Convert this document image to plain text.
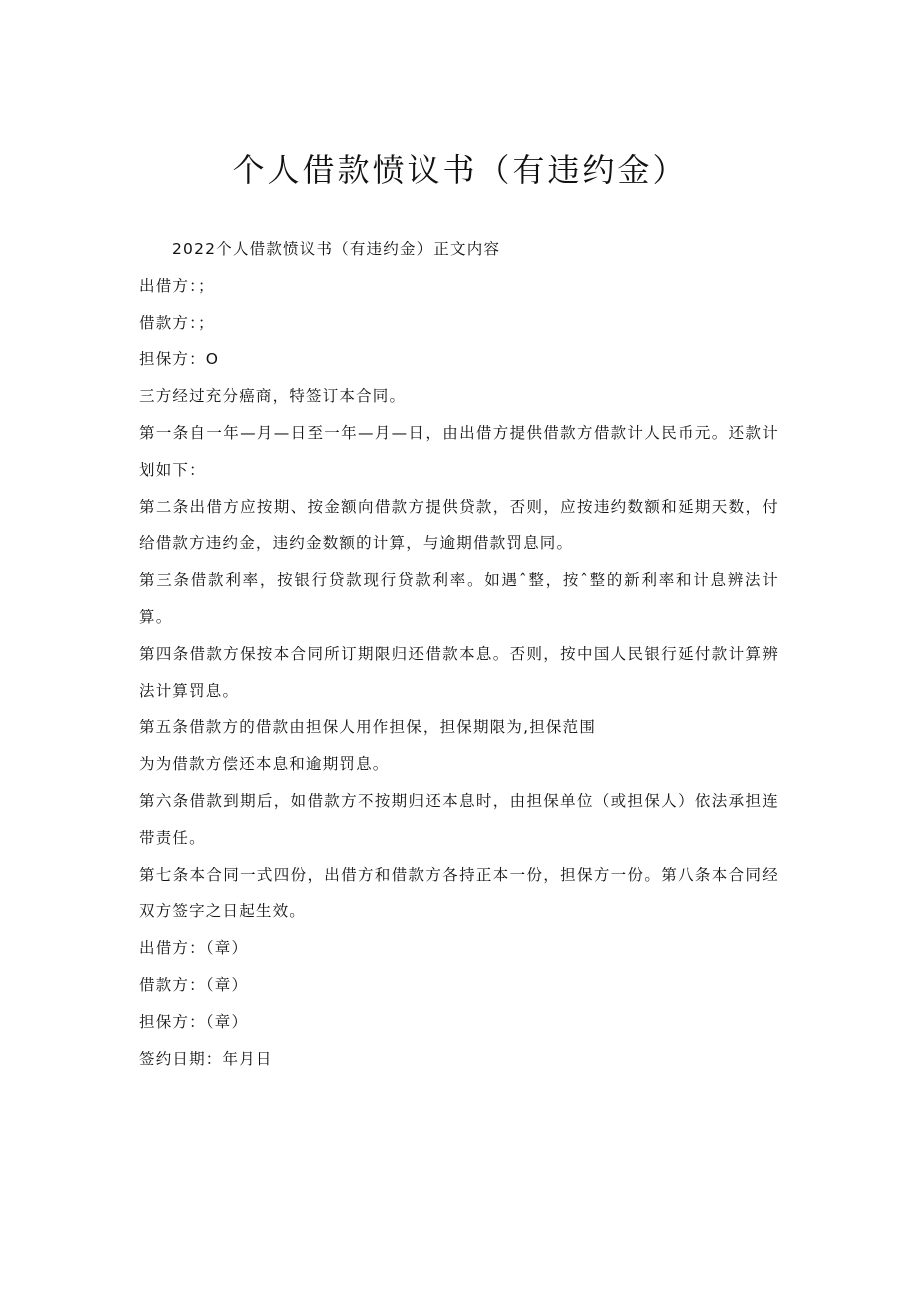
个人借款愤议书（有违约金）

2022个人借款愤议书（有违约金）正文内容

出借方：；

借款方：；

担保方：O

三方经过充分癌商，特签订本合同。

第一条自一年—月—日至一年—月—日，由出借方提供借款方借款计人民币元。还款计划如下：

第二条出借方应按期、按金额向借款方提供贷款，否则，应按违约数额和延期天数，付给借款方违约金，违约金数额的计算，与逾期借款罚息同。

第三条借款利率，按银行贷款现行贷款利率。如遇ˆ整，按ˆ整的新利率和计息辨法计算。

第四条借款方保按本合同所订期限归还借款本息。否则，按中国人民银行延付款计算辨法计算罚息。

第五条借款方的借款由担保人用作担保，担保期限为,担保范围

为为借款方偿还本息和逾期罚息。

第六条借款到期后，如借款方不按期归还本息时，由担保单位（或担保人）依法承担连带责任。

第七条本合同一式四份，出借方和借款方各持正本一份，担保方一份。第八条本合同经双方签字之日起生效。

出借方：（章）

借款方：（章）

担保方：（章）

签约日期：年月日
